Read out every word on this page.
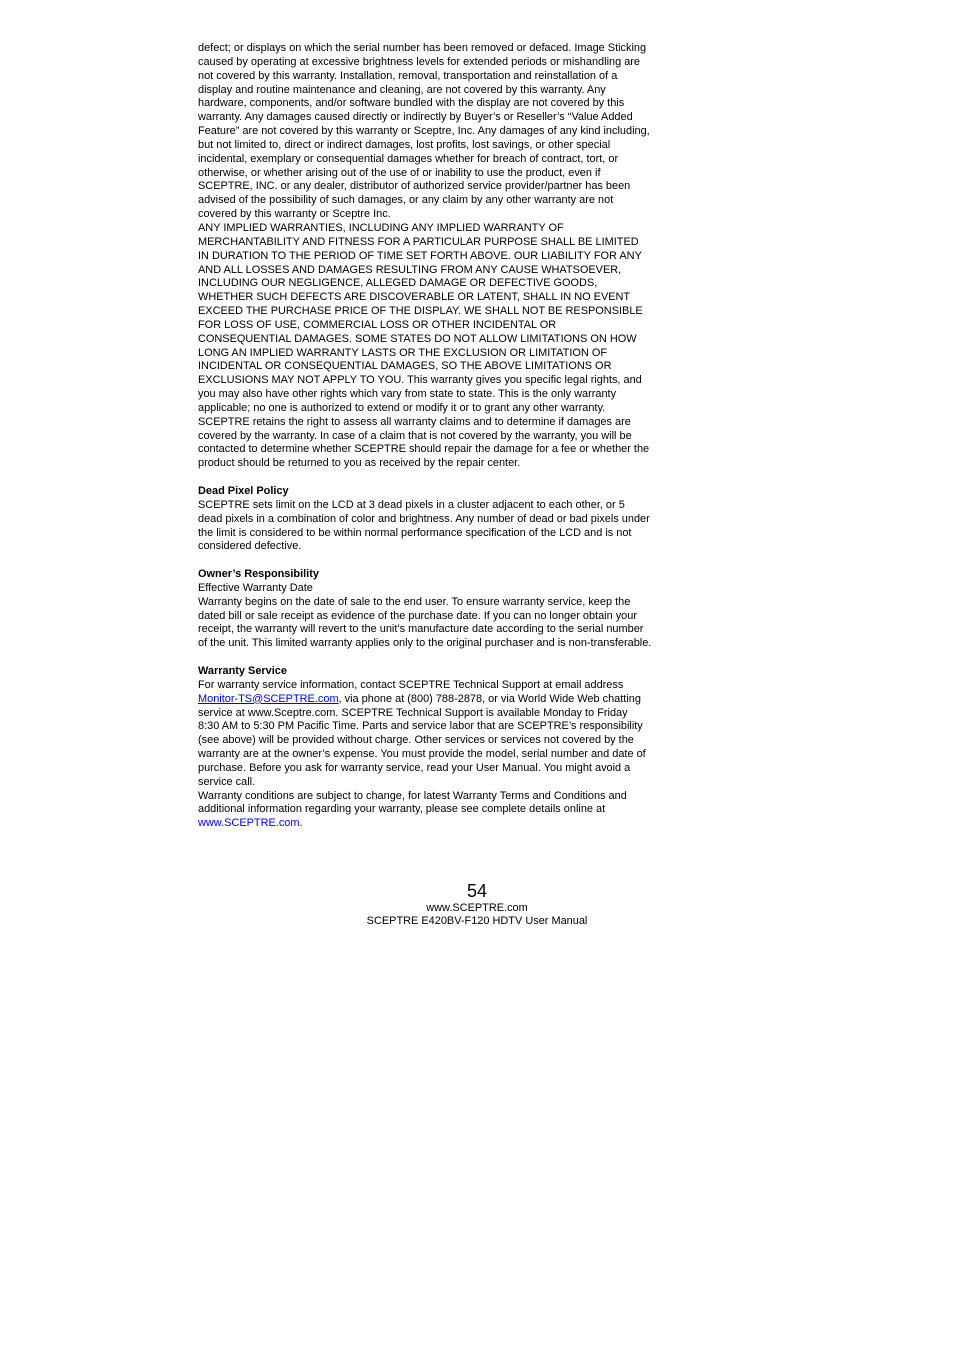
defect; or displays on which the serial number has been removed or defaced. Image Sticking
caused by operating at excessive brightness levels for extended periods or mishandling are
not covered by this warranty. Installation, removal, transportation and reinstallation of a
display and routine maintenance and cleaning, are not covered by this warranty. Any
hardware, components, and/or software bundled with the display are not covered by this
warranty. Any damages caused directly or indirectly by Buyer’s or Reseller’s “Value Added
Feature” are not covered by this warranty or Sceptre, Inc. Any damages of any kind including,
but not limited to, direct or indirect damages, lost profits, lost savings, or other special
incidental, exemplary or consequential damages whether for breach of contract, tort, or
otherwise, or whether arising out of the use of or inability to use the product, even if
SCEPTRE, INC. or any dealer, distributor of authorized service provider/partner has been
advised of the possibility of such damages, or any claim by any other warranty are not
covered by this warranty or Sceptre Inc.

ANY IMPLIED WARRANTIES, INCLUDING ANY IMPLIED WARRANTY OF
MERCHANTABILITY AND FITNESS FOR A PARTICULAR PURPOSE SHALL BE LIMITED
IN DURATION TO THE PERIOD OF TIME SET FORTH ABOVE. OUR LIABILITY FOR ANY
AND ALL LOSSES AND DAMAGES RESULTING FROM ANY CAUSE WHATSOEVER,
INCLUDING OUR NEGLIGENCE, ALLEGED DAMAGE OR DEFECTIVE GOODS,
WHETHER SUCH DEFECTS ARE DISCOVERABLE OR LATENT, SHALL IN NO EVENT
EXCEED THE PURCHASE PRICE OF THE DISPLAY. WE SHALL NOT BE RESPONSIBLE
FOR LOSS OF USE, COMMERCIAL LOSS OR OTHER INCIDENTAL OR
CONSEQUENTIAL DAMAGES. SOME STATES DO NOT ALLOW LIMITATIONS ON HOW
LONG AN IMPLIED WARRANTY LASTS OR THE EXCLUSION OR LIMITATION OF
INCIDENTAL OR CONSEQUENTIAL DAMAGES, SO THE ABOVE LIMITATIONS OR
EXCLUSIONS MAY NOT APPLY TO YOU. This warranty gives you specific legal rights, and
you may also have other rights which vary from state to state. This is the only warranty
applicable; no one is authorized to extend or modify it or to grant any other warranty.
SCEPTRE retains the right to assess all warranty claims and to determine if damages are
covered by the warranty. In case of a claim that is not covered by the warranty, you will be
contacted to determine whether SCEPTRE should repair the damage for a fee or whether the
product should be returned to you as received by the repair center.

Dead Pixel Policy

SCEPTRE sets limit on the LCD at 3 dead pixels in a cluster adjacent to each other, or 5
dead pixels in a combination of color and brightness. Any number of dead or bad pixels under
the limit is considered to be within normal performance specification of the LCD and is not
considered defective.

Owner’s Responsibility

Effective Warranty Date

Warranty begins on the date of sale to the end user. To ensure warranty service, keep the
dated bill or sale receipt as evidence of the purchase date. If you can no longer obtain your
receipt, the warranty will revert to the unit’s manufacture date according to the serial number
of the unit. This limited warranty applies only to the original purchaser and is non-transferable.

Warranty Service

For warranty service information, contact SCEPTRE Technical Support at email address

Monitor-TS@SCEPTRE.com, via phone at (800) 788-2878, or via World Wide Web chatting
service at www.Sceptre.com. SCEPTRE Technical Support is available Monday to Friday
8:30 AM to 5:30 PM Pacific Time. Parts and service labor that are SCEPTRE’s responsibility
(see above) will be provided without charge. Other services or services not covered by the
warranty are at the owner’s expense. You must provide the model, serial number and date of
purchase. Before you ask for warranty service, read your User Manual. You might avoid a
service call.

Warranty conditions are subject to change, for latest Warranty Terms and Conditions and
additional information regarding your warranty, please see complete details online at

www.SCEPTRE.com.

54
www.SCEPTRE.com
SCEPTRE E420BV-F120 HDTV User Manual
